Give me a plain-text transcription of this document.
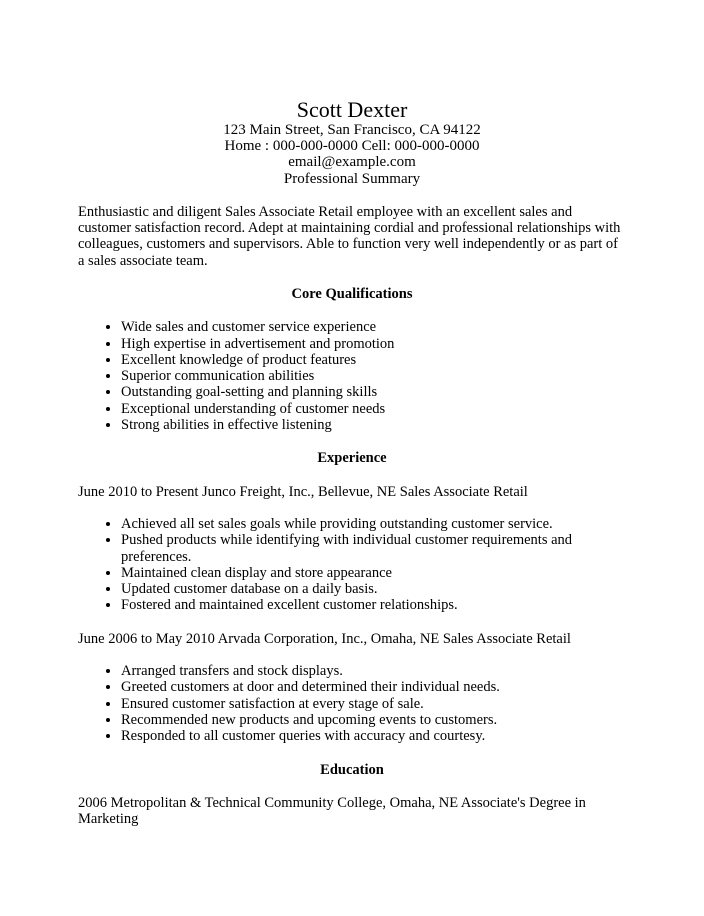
Scott Dexter
123 Main Street, San Francisco, CA 94122
Home : 000-000-0000 Cell: 000-000-0000
email@example.com
Professional Summary

Enthusiastic and diligent Sales Associate Retail employee with an excellent sales and customer satisfaction record. Adept at maintaining cordial and professional relationships with colleagues, customers and supervisors. Able to function very well independently or as part of a sales associate team.

Core Qualifications
• Wide sales and customer service experience
• High expertise in advertisement and promotion
• Excellent knowledge of product features
• Superior communication abilities
• Outstanding goal-setting and planning skills
• Exceptional understanding of customer needs
• Strong abilities in effective listening
Experience

June 2010 to Present Junco Freight, Inc., Bellevue, NE Sales Associate Retail

• Achieved all set sales goals while providing outstanding customer service.
• Pushed products while identifying with individual customer requirements and preferences.
• Maintained clean display and store appearance
• Updated customer database on a daily basis.
• Fostered and maintained excellent customer relationships.

June 2006 to May 2010 Arvada Corporation, Inc., Omaha, NE Sales Associate Retail

• Arranged transfers and stock displays.
• Greeted customers at door and determined their individual needs.
• Ensured customer satisfaction at every stage of sale.
• Recommended new products and upcoming events to customers.
• Responded to all customer queries with accuracy and courtesy.
Education

2006 Metropolitan & Technical Community College, Omaha, NE Associate's Degree in Marketing
